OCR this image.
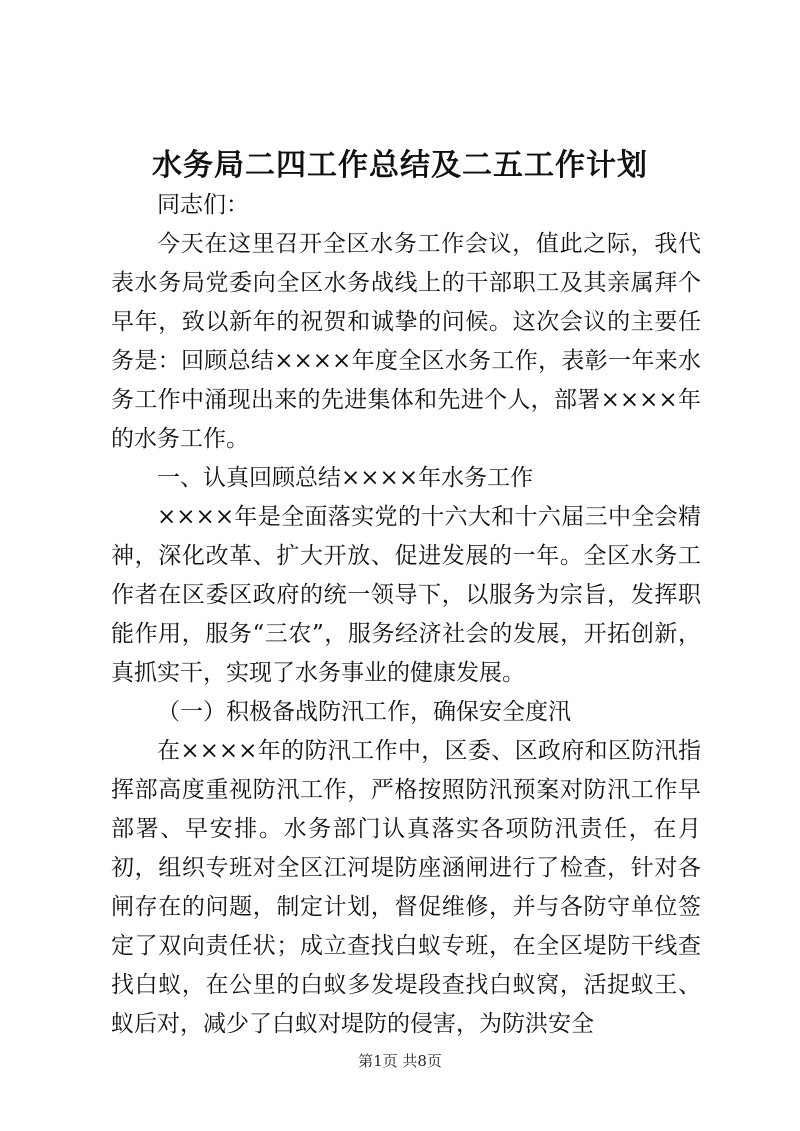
水务局二四工作总结及二五工作计划

同志们：

今天在这里召开全区水务工作会议，值此之际，我代表水务局党委向全区水务战线上的干部职工及其亲属拜个早年，致以新年的祝贺和诚挚的问候。这次会议的主要任务是：回顾总结××××年度全区水务工作，表彰一年来水务工作中涌现出来的先进集体和先进个人，部署××××年的水务工作。

一、认真回顾总结××××年水务工作

××××年是全面落实党的十六大和十六届三中全会精神，深化改革、扩大开放、促进发展的一年。全区水务工作者在区委区政府的统一领导下，以服务为宗旨，发挥职能作用，服务“三农”，服务经济社会的发展，开拓创新，真抓实干，实现了水务事业的健康发展。

（一）积极备战防汛工作，确保安全度汛

在××××年的防汛工作中，区委、区政府和区防汛指挥部高度重视防汛工作，严格按照防汛预案对防汛工作早部署、早安排。水务部门认真落实各项防汛责任，在月初，组织专班对全区江河堤防座涵闸进行了检查，针对各闸存在的问题，制定计划，督促维修，并与各防守单位签定了双向责任状；成立查找白蚁专班，在全区堤防干线查找白蚁，在公里的白蚁多发堤段查找白蚁窝，活捉蚁王、蚁后对，减少了白蚁对堤防的侵害，为防洪安全

第1页 共8页
